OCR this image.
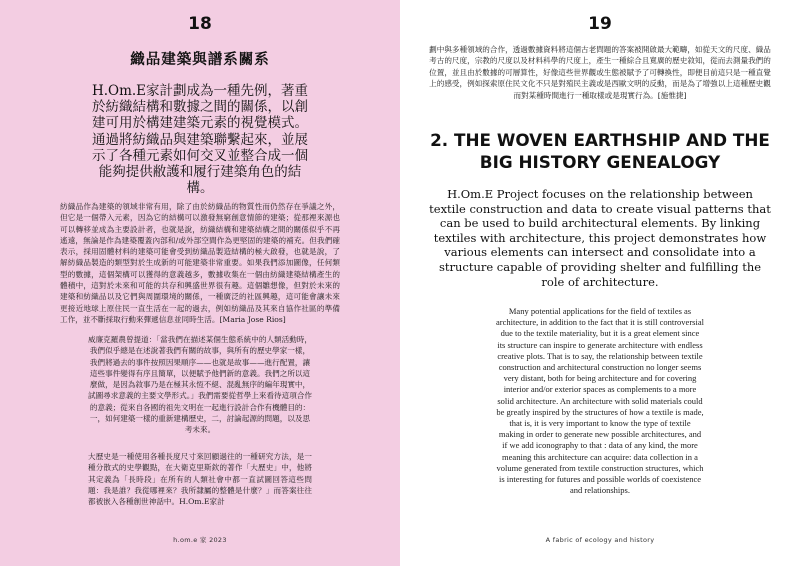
18
織品建築與譜系關系
H.Om.E家計劃成為一種先例，著重於紡織結構和數據之間的關係，以創建可用於構建建築元素的視覺模式。通過將紡織品與建築聯繫起來，並展示了各種元素如何交叉並整合成一個能夠提供敝護和履行建築角色的結構。
紡織品作為建築的領域非常有用，除了由於紡織品的物質性而仍然存在爭議之外，但它是一個帶入元素，因為它的結構可以激發無窮創意情節的建築；從那裡來源也可以轉移並成為主要設計者，也就是說，紡織結構和建築結構之間的關係似乎不再遙遠，無論是作為建築覆蓋內部和/或外部空間作為更堅固的建築的補充。但我們確表示，採用固體材料的建築可能會受到紡織品製造結構的極大啟發，也就是說，了解紡織品製造的類型對於生成新的可能建築非常重要。如果我們添加圖像，任何類型的數據，這個架構可以獲得的意義越多，數據收集在一個由紡織建築結構產生的體積中，這對於未來和可能的共存和興盛世界很有趣。這個雛想像，但對於未來的建築和紡織品以及它們與周圍環境的關係，一種廣泛的社區興趣，這可能會讓未來更接近地球上原住民一直生活在一起的過去，例如紡織品及其來自協作社區的準備工作，並不斷採取行動來彈遞信息並同時生活。[Maria Jose Rios]
威廉克羅農曾提道：「當我們在描述某個生態系統中的人類活動時，我們似乎總是在述說著我們有關的故事，與所有的歷史學家一樣，我們將過去的事件按照因果順序——也就是故事——進行配置，讓這些事件變得有序且簡單，以便賦予他們新的意義。我們之所以這麼做，是因為敘事乃是在極其永恆不絕、混亂無序的編年現實中，試圖尋求意義的主要文學形式。」我們需要從哲學上來看待這項合作的意義；從來自各國的祖先文明在一起進行設計合作有機體目的：一，如何建築一樣的重新建構歷史，二，討論起源的問題，以及思考未來。
大歷史是一種使用各種長度尺寸來回顧過往的一種研究方法，是一種分散式的史學觀點，在大衛克里斯欽的著作「大歷史」中，他將其定義為「長時段」在所有的人類社會中都一直試圖回答這些問題：我是誰？我從哪裡來？我所隸屬的整體是什麼？」而答案往往都被嵌入各種創世神話中。H.Om.E家計
h.om.e 家 2023
19
劃中與多種領域的合作，透過數據資料將這個古老問題的答案被開啟最大範疇，如從天文的尺度、織品考古的尺度，宗教的尺度以及材料科學的尺度上，產生一種綜合且寬廣的歷史敘知，從而去測量我們的位置，並且由於數據的可層算性，好像這些世界觀或生態被賦予了可轉換性，即便目前這只是一種直覺上的感受，例如探索原住民文化不只是對殖民主義或是西歐文明的反動，而是為了增強以上這種歷史觀而對某種時間進行一種取樣或是現實行為。[施惟捷]
2. THE WOVEN EARTHSHIP AND THE BIG HISTORY GENEALOGY
H.Om.E Project focuses on the relationship between textile construction and data to create visual patterns that can be used to build architectural elements. By linking textiles with architecture, this project demonstrates how various elements can intersect and consolidate into a structure capable of providing shelter and fulfilling the role of architecture.
Many potential applications for the field of textiles as architecture, in addition to the fact that it is still controversial due to the textile materiality, but it is a great element since its structure can inspire to generate architecture with endless creative plots. That is to say, the relationship between textile construction and architectural construction no longer seems very distant, both for being architecture and for covering interior and/or exterior spaces as complements to a more solid architecture. An architecture with solid materials could be greatly inspired by the structures of how a textile is made, that is, it is very important to know the type of textile making in order to generate new possible architectures, and if we add iconography to that : data of any kind, the more meaning this architecture can acquire: data collection in a volume generated from textile construction structures, which is interesting for futures and possible worlds of coexistence and relationships.
A fabric of ecology and history
